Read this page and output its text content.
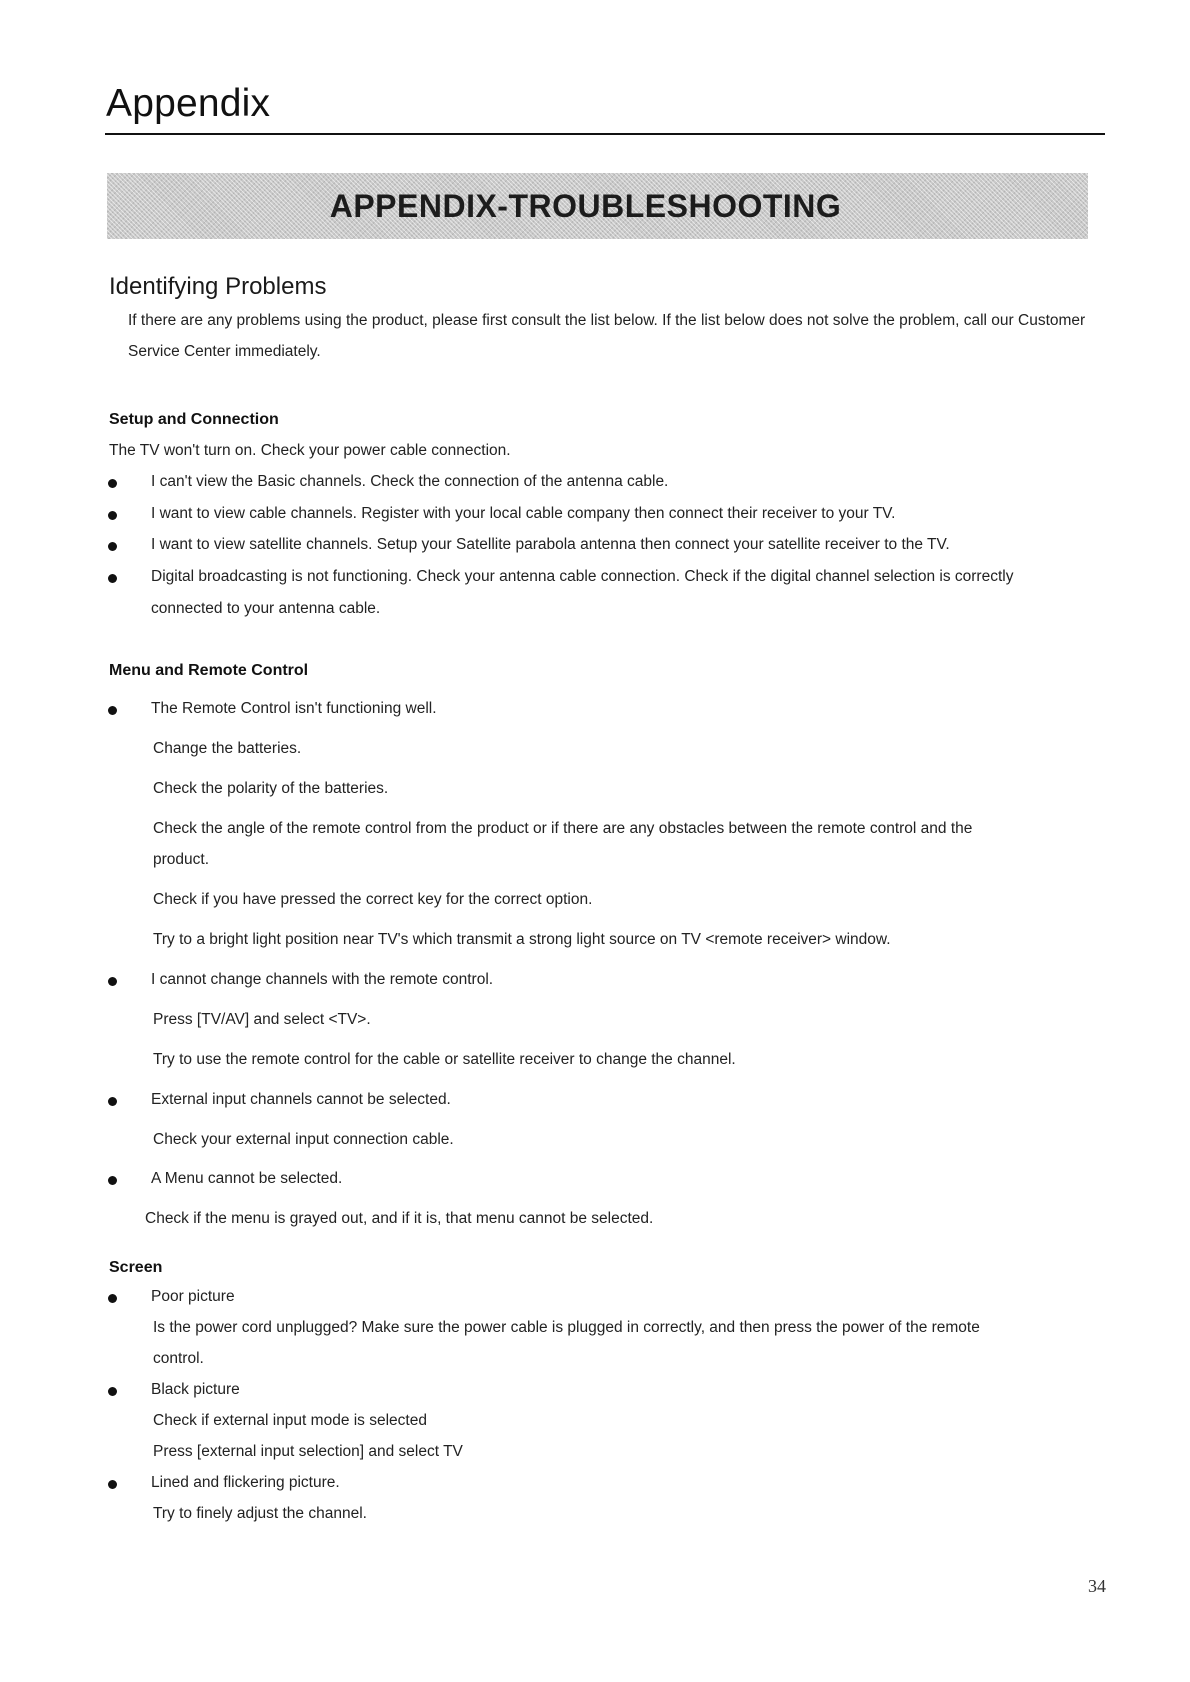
Appendix
APPENDIX-TROUBLESHOOTING
Identifying Problems

If there are any problems using the product, please first consult the list below. If the list below does not solve the problem, call our Customer Service Center immediately.

Setup and Connection
The TV won't turn on. Check your power cable connection.
I can't view the Basic channels. Check the connection of the antenna cable.
I want to view cable channels. Register with your local cable company then connect their receiver to your TV.
I want to view satellite channels. Setup your Satellite parabola antenna then connect your satellite receiver to the TV.
Digital broadcasting is not functioning. Check your antenna cable connection. Check if the digital channel selection is correctly
connected to your antenna cable.
Menu and Remote Control
The Remote Control isn't functioning well.
Change the batteries.
Check the polarity of the batteries.
Check the angle of the remote control from the product or if there are any obstacles between the remote control and the
product.
Check if you have pressed the correct key for the correct option.
Try to a bright light position near TV's which transmit a strong light source on TV <remote receiver> window.
I cannot change channels with the remote control.
Press [TV/AV] and select <TV>.
Try to use the remote control for the cable or satellite receiver to change the channel.
External input channels cannot be selected.
Check your external input connection cable.
A Menu cannot be selected.
Check if the menu is grayed out, and if it is, that menu cannot be selected.
Screen
Poor picture
Is the power cord unplugged? Make sure the power cable is plugged in correctly, and then press the power of the remote
control.
Black picture
Check if external input mode is selected
Press [external input selection] and select TV
Lined and flickering picture.
Try to finely adjust the channel.
34
